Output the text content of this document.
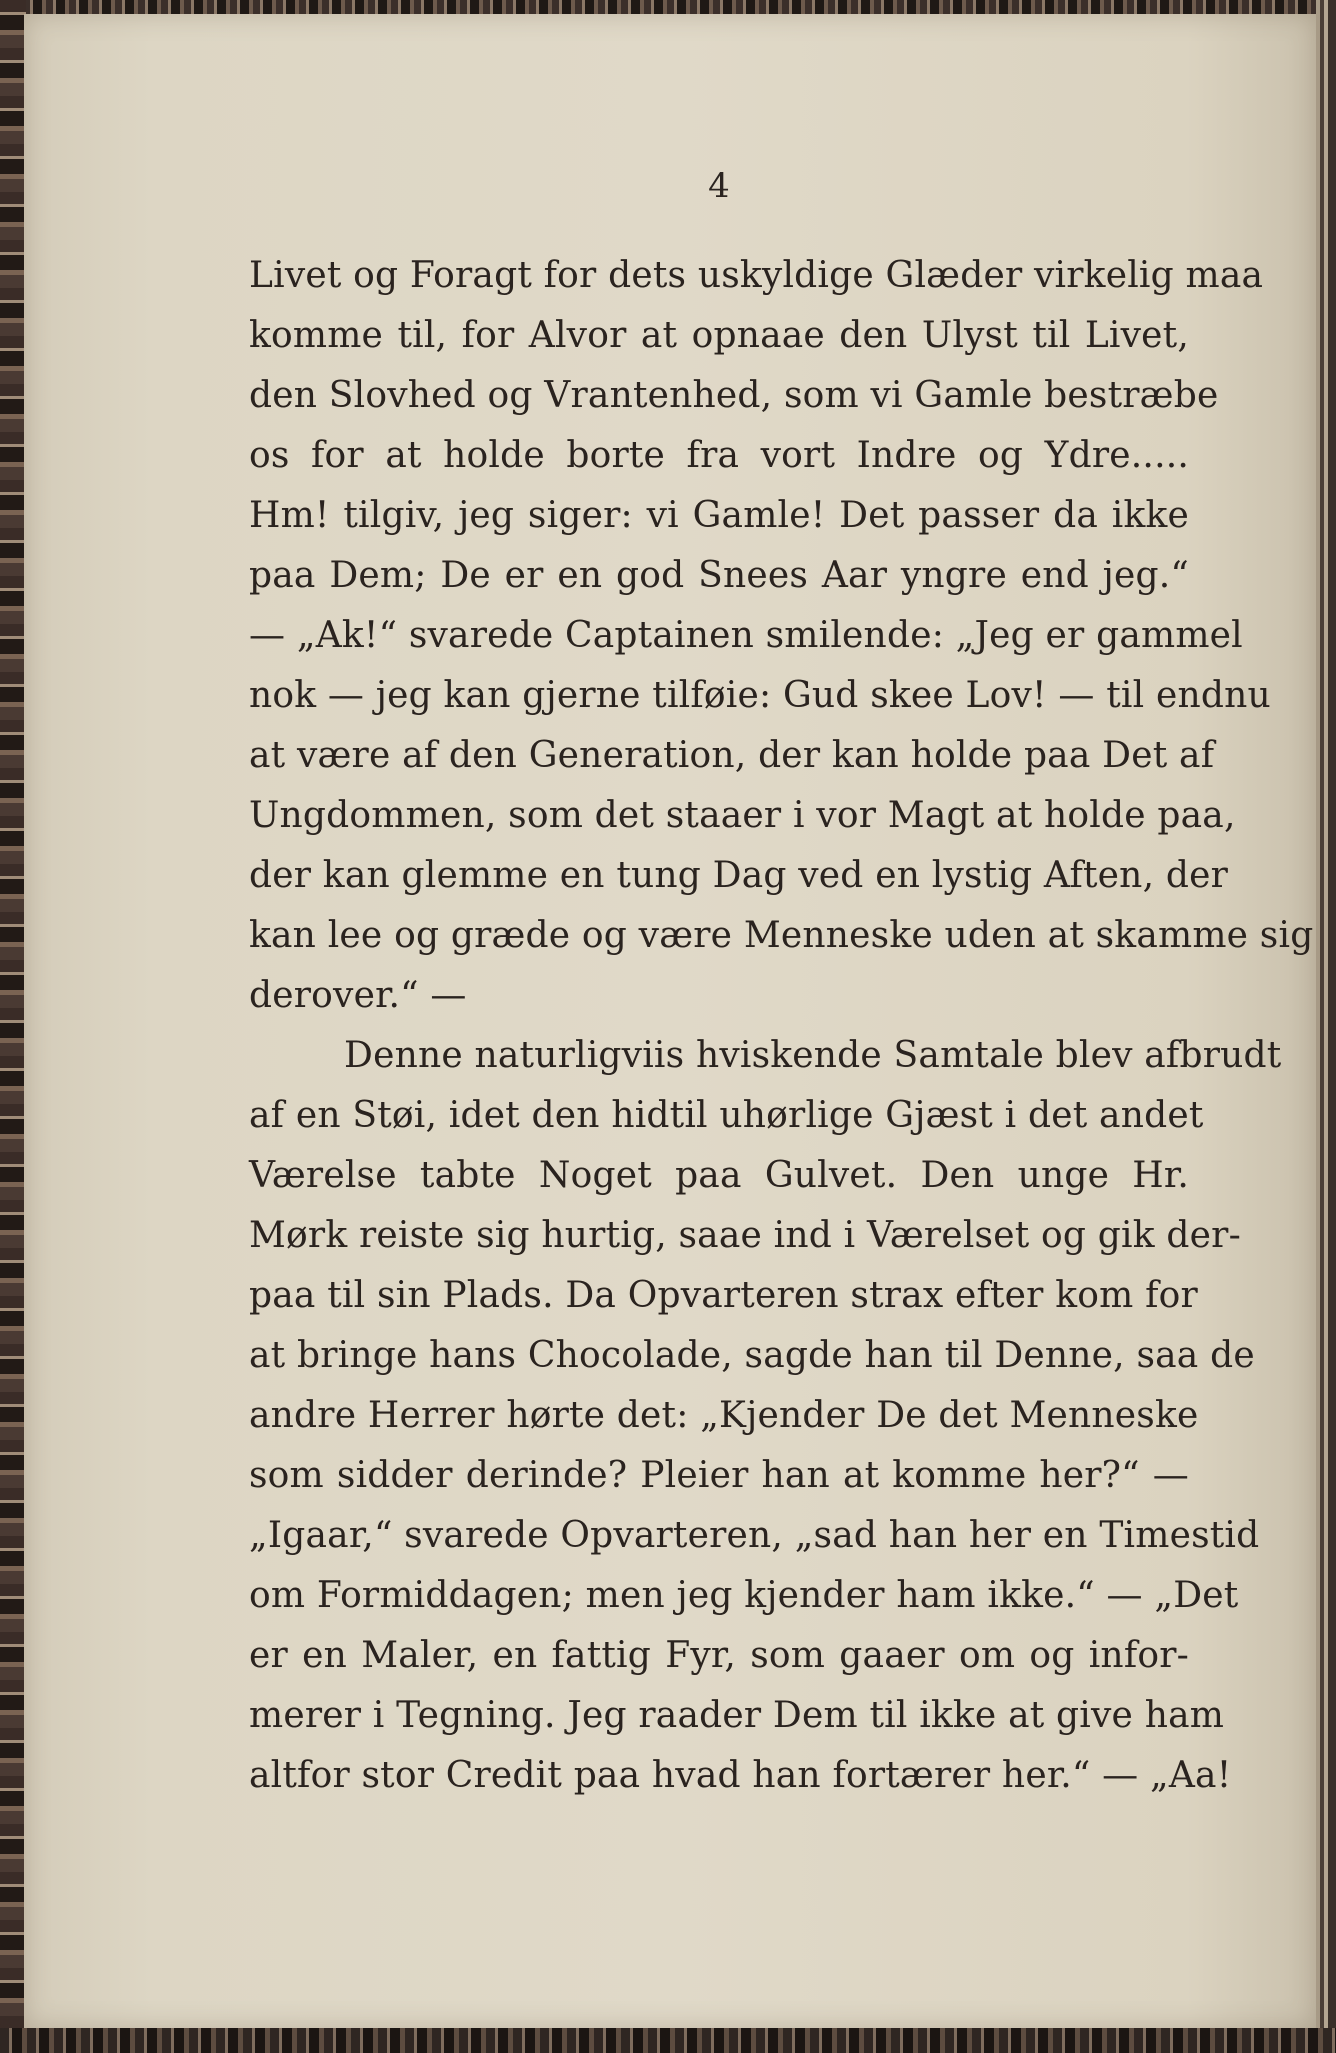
4
Livet og Foragt for dets uskyldige Glæder virkelig maa
komme til, for Alvor at opnaae den Ulyst til Livet,
den Slovhed og Vrantenhed, som vi Gamle bestræbe
os for at holde borte fra vort Indre og Ydre.....
Hm! tilgiv, jeg siger: vi Gamle! Det passer da ikke
paa Dem; De er en god Snees Aar yngre end jeg.“
— „Ak!“ svarede Captainen smilende: „Jeg er gammel
nok — jeg kan gjerne tilføie: Gud skee Lov! — til endnu
at være af den Generation, der kan holde paa Det af
Ungdommen, som det staaer i vor Magt at holde paa,
der kan glemme en tung Dag ved en lystig Aften, der
kan lee og græde og være Menneske uden at skamme sig
derover.“ —
Denne naturligviis hviskende Samtale blev afbrudt
af en Støi, idet den hidtil uhørlige Gjæst i det andet
Værelse tabte Noget paa Gulvet. Den unge Hr.
Mørk reiste sig hurtig, saae ind i Værelset og gik der-
paa til sin Plads. Da Opvarteren strax efter kom for
at bringe hans Chocolade, sagde han til Denne, saa de
andre Herrer hørte det: „Kjender De det Menneske
som sidder derinde? Pleier han at komme her?“ —
„Igaar,“ svarede Opvarteren, „sad han her en Timestid
om Formiddagen; men jeg kjender ham ikke.“ — „Det
er en Maler, en fattig Fyr, som gaaer om og infor-
merer i Tegning. Jeg raader Dem til ikke at give ham
altfor stor Credit paa hvad han fortærer her.“ — „Aa!
